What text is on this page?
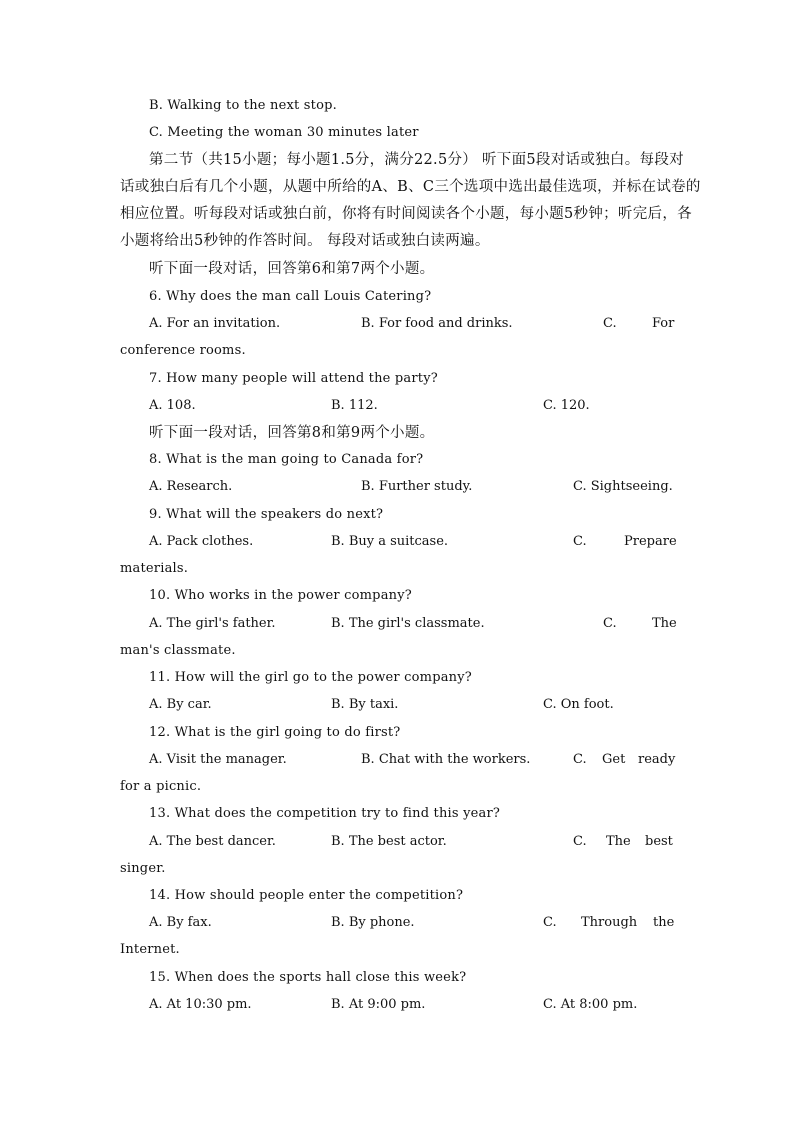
B. Walking to the next stop.
C. Meeting the woman 30 minutes later
第二节（共15小题；每小题1.5分，满分22.5分） 听下面5段对话或独白。每段对
话或独白后有几个小题，从题中所给的A、B、C三个选项中选出最佳选项，并标在试卷的
相应位置。听每段对话或独白前，你将有时间阅读各个小题，每小题5秒钟；听完后，各
小题将给出5秒钟的作答时间。 每段对话或独白读两遍。
听下面一段对话，回答第6和第7两个小题。
6. Why does the man call Louis Catering?
A. For an invitation.	B. For food and drinks.	C.	For
conference rooms.
7. How many people will attend the party?
A. 108.	B. 112.	C. 120.
听下面一段对话，回答第8和第9两个小题。
8. What is the man going to Canada for?
A. Research.	B. Further study.	C. Sightseeing.
9. What will the speakers do next?
A. Pack clothes.	B. Buy a suitcase.	C.	Prepare
materials.
10. Who works in the power company?
A. The girl's father.	B. The girl's classmate.	C.	The
man's classmate.
11. How will the girl go to the power company?
A. By car.	B. By taxi.	C. On foot.
12. What is the girl going to do first?
A. Visit the manager.	B. Chat with the workers.	C. Get ready
for a picnic.
13. What does the competition try to find this year?
A. The best dancer.	B. The best actor.	C. The best
singer.
14. How should people enter the competition?
A. By fax.	B. By phone.	C. Through the
Internet.
15. When does the sports hall close this week?
A. At 10:30 pm.	B. At 9:00 pm.	C. At 8:00 pm.
